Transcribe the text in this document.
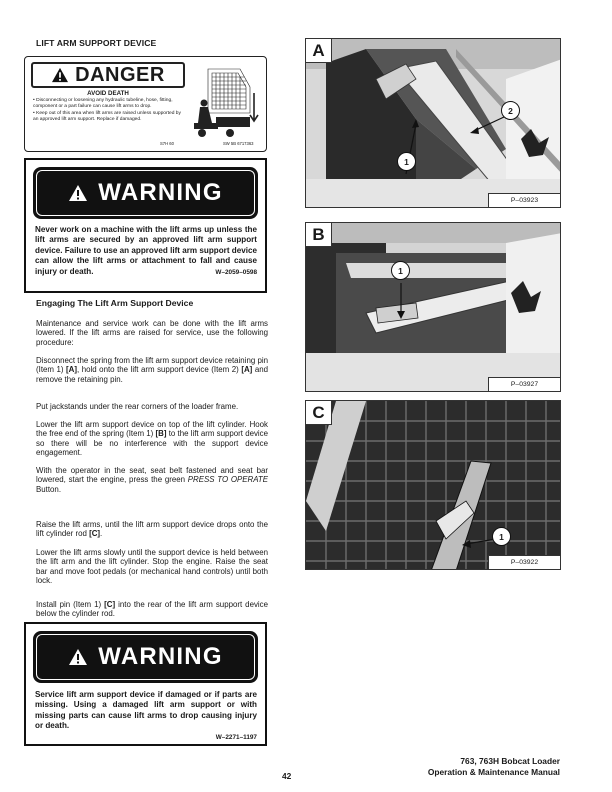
LIFT ARM SUPPORT DEVICE
DANGER
AVOID DEATH

• Disconnecting or loosening any hydraulic tubeline, hose, fitting, component or a part failure can cause lift arms to drop.

• Keep out of this area when lift arms are raised unless supported by an approved lift arm support. Replace if damaged.

S7H 60	SW 5B 6717363
WARNING
Never work on a machine with the lift arms up unless the lift arms are secured by an approved lift arm support device. Failure to use an approved lift arm support device can allow the lift arms or attachment to fall and cause injury or death.	W–2059–0598
Engaging The Lift Arm Support Device

Maintenance and service work can be done with the lift arms lowered. If the lift arms are raised for service, use the following procedure:

Disconnect the spring from the lift arm support device retaining pin (Item 1) [A], hold onto the lift arm support device (Item 2) [A] and remove the retaining pin.

Put jackstands under the rear corners of the loader frame.

Lower the lift arm support device on top of the lift cylinder. Hook the free end of the spring (Item 1) [B] to the lift arm support device so there will be no interference with the support device engagement.

With the operator in the seat, seat belt fastened and seat bar lowered, start the engine, press the green PRESS TO OPERATE Button.

Raise the lift arms, until the lift arm support device drops onto the lift cylinder rod [C].

Lower the lift arms slowly until the support device is held between the lift arm and the lift cylinder. Stop the engine. Raise the seat bar and move foot pedals (or mechanical hand controls) until both lock.

Install pin (Item 1) [C] into the rear of the lift arm support device below the cylinder rod.

WARNING
Service lift arm support device if damaged or if parts are missing. Using a damaged lift arm support or with missing parts can cause lift arms to drop causing injury or death.
W–2271–1197
A
1
2
P–03923
B
1
P–03927
C
1
P–03922
42
763, 763H Bobcat Loader
Operation & Maintenance Manual
